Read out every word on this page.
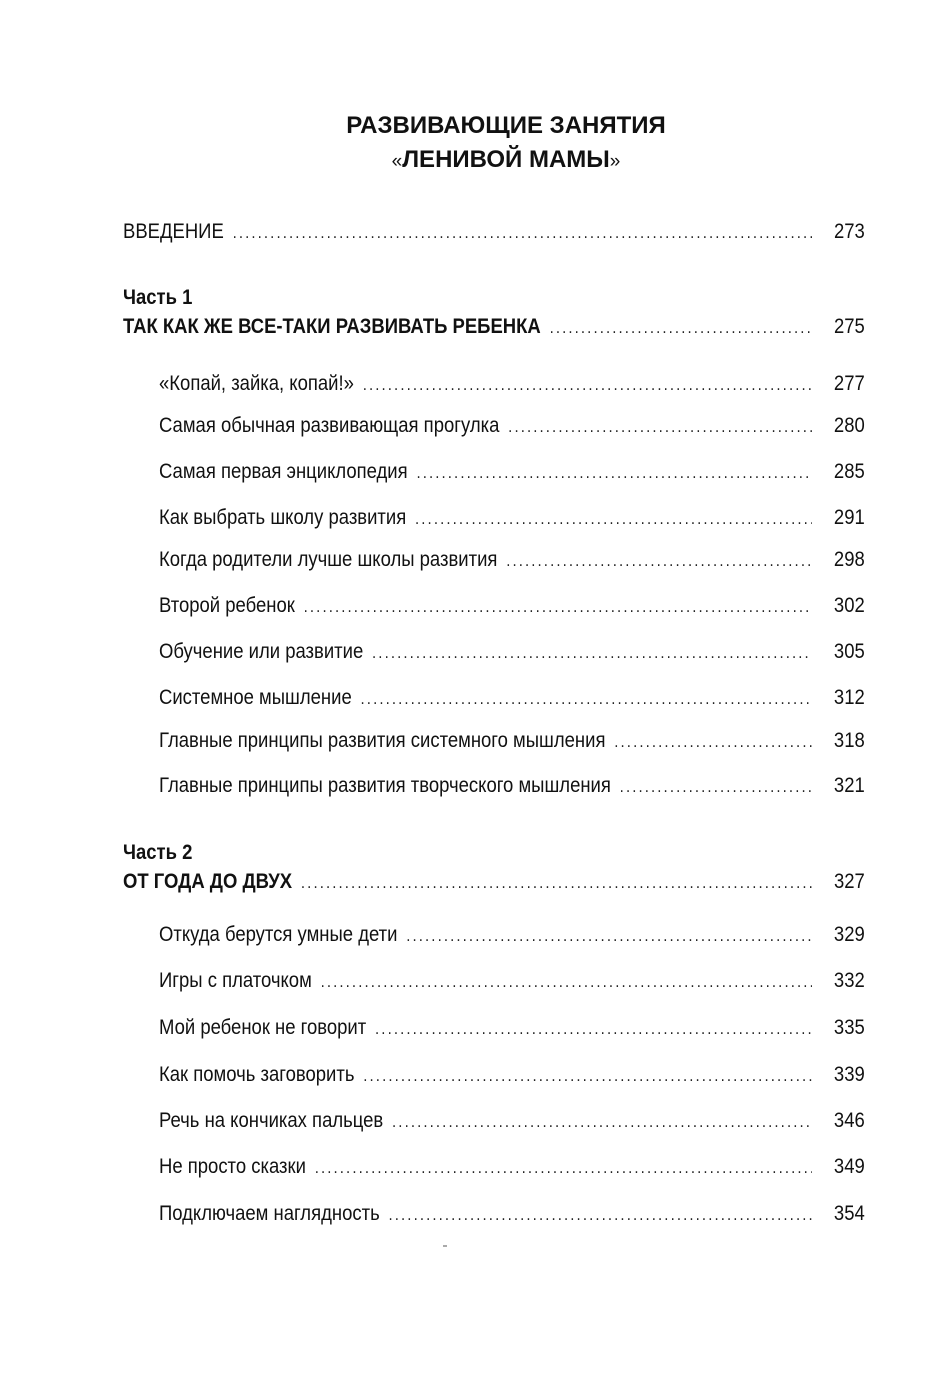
РАЗВИВАЮЩИЕ ЗАНЯТИЯ
«ЛЕНИВОЙ МАМЫ»
ВВЕДЕНИЕ .....	273
Часть 1
ТАК КАК ЖЕ ВСЕ-ТАКИ РАЗВИВАТЬ РЕБЕНКА .....	275
«Копай, зайка, копай!» .....	277
Самая обычная развивающая прогулка .....	280
Самая первая энциклопедия .....	285
Как выбрать школу развития .....	291
Когда родители лучше школы развития .....	298
Второй ребенок .....	302
Обучение или развитие .....	305
Системное мышление .....	312
Главные принципы развития системного мышления .....	318
Главные принципы развития творческого мышления .....	321
Часть 2
ОТ ГОДА ДО ДВУХ .....	327
Откуда берутся умные дети .....	329
Игры с платочком .....	332
Мой ребенок не говорит .....	335
Как помочь заговорить .....	339
Речь на кончиках пальцев .....	346
Не просто сказки .....	349
Подключаем наглядность .....	354
